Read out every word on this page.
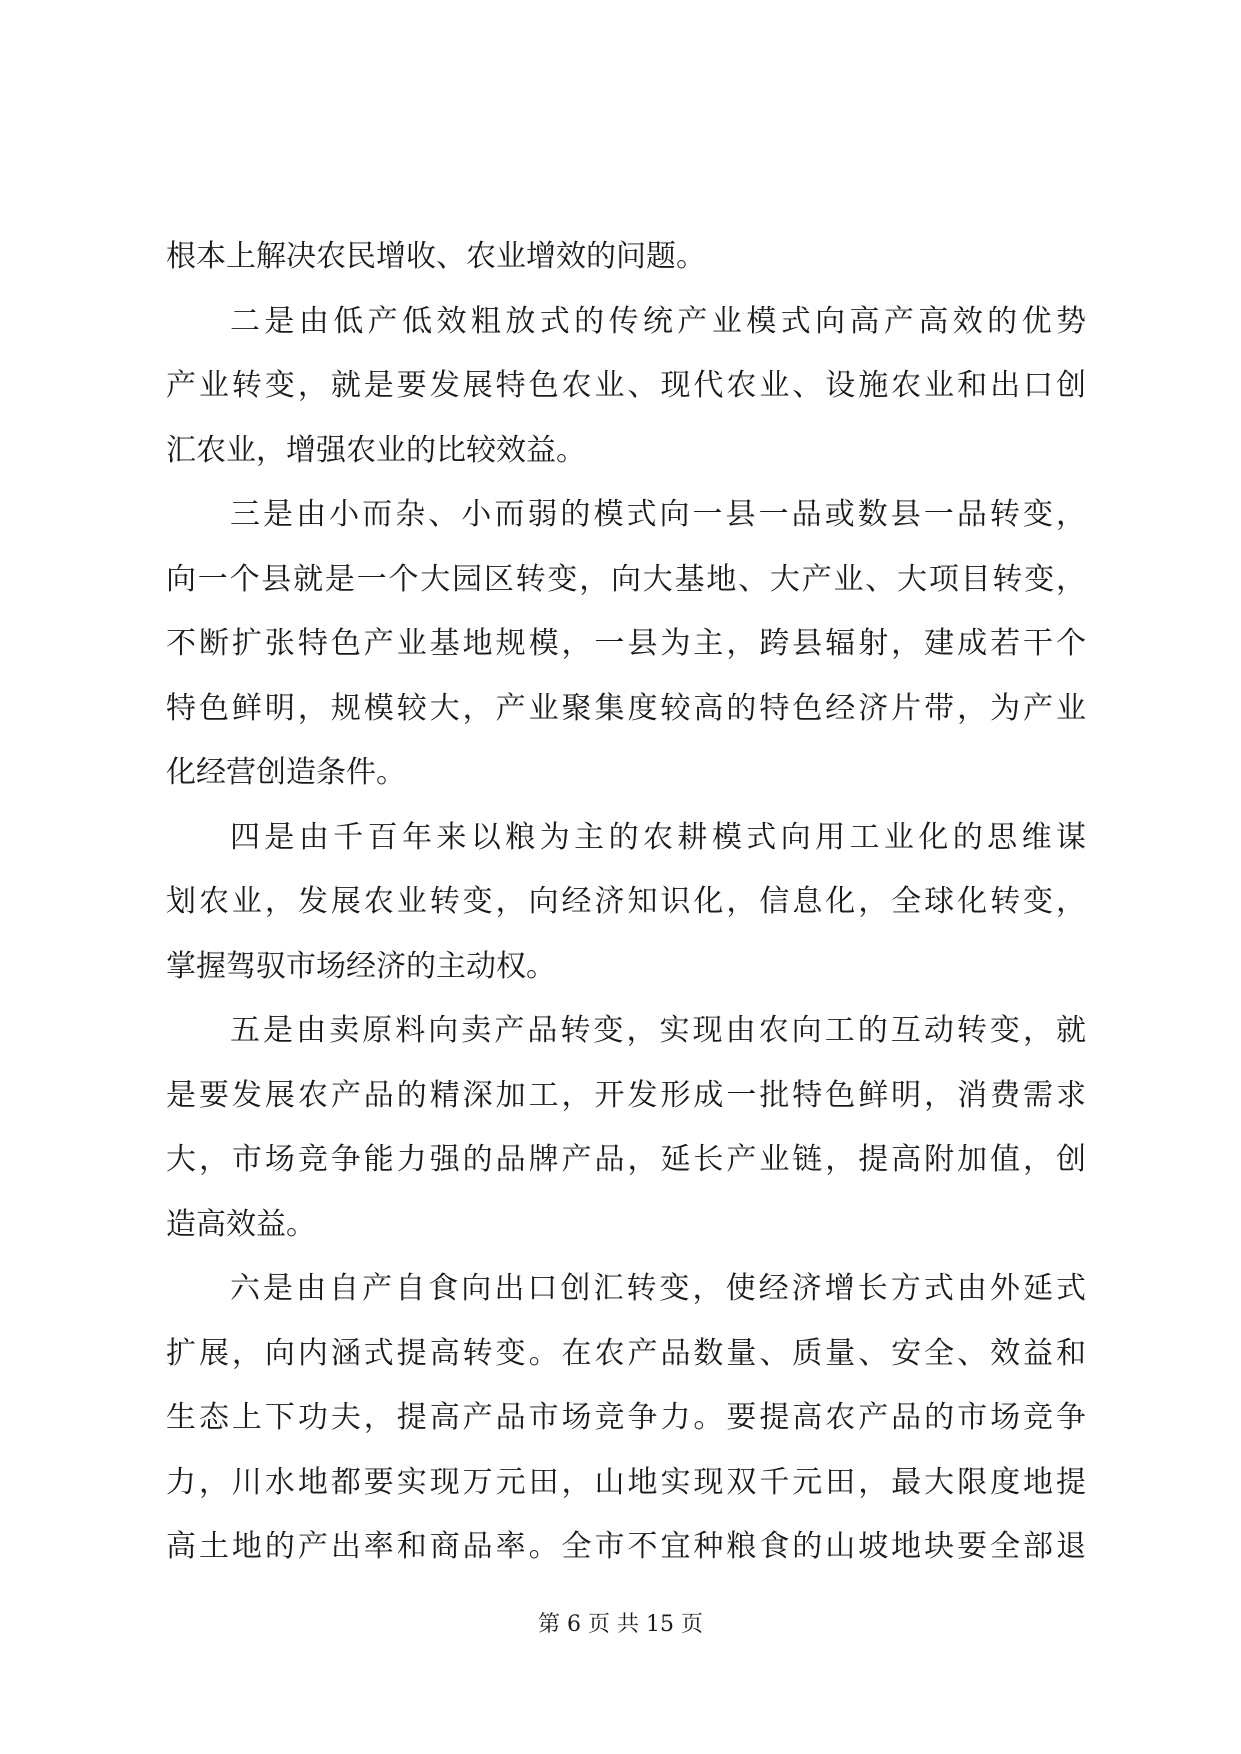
根本上解决农民增收、农业增效的问题。
二是由低产低效粗放式的传统产业模式向高产高效的优势
产业转变，就是要发展特色农业、现代农业、设施农业和出口创
汇农业，增强农业的比较效益。
三是由小而杂、小而弱的模式向一县一品或数县一品转变，
向一个县就是一个大园区转变，向大基地、大产业、大项目转变，
不断扩张特色产业基地规模，一县为主，跨县辐射，建成若干个
特色鲜明，规模较大，产业聚集度较高的特色经济片带，为产业
化经营创造条件。
四是由千百年来以粮为主的农耕模式向用工业化的思维谋
划农业，发展农业转变，向经济知识化，信息化，全球化转变，
掌握驾驭市场经济的主动权。
五是由卖原料向卖产品转变，实现由农向工的互动转变，就
是要发展农产品的精深加工，开发形成一批特色鲜明，消费需求
大，市场竞争能力强的品牌产品，延长产业链，提高附加值，创
造高效益。
六是由自产自食向出口创汇转变，使经济增长方式由外延式
扩展，向内涵式提高转变。在农产品数量、质量、安全、效益和
生态上下功夫，提高产品市场竞争力。要提高农产品的市场竞争
力，川水地都要实现万元田，山地实现双千元田，最大限度地提
高土地的产出率和商品率。全市不宜种粮食的山坡地块要全部退
第 6 页 共 15 页
